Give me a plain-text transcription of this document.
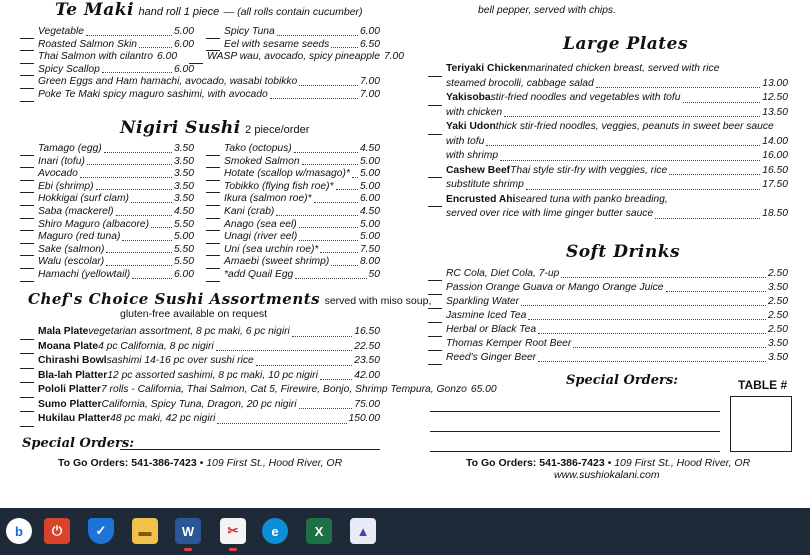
Te Maki hand roll 1 piece — (all rolls contain cucumber)
Vegetable	5.00	Spicy Tuna	6.00
Roasted Salmon Skin	6.00	Eel with sesame seeds	6.50
Thai Salmon with cilantro 6.00	WASP wau, avocado, spicy pineapple 7.00
Spicy Scallop	6.00
Green Eggs and Ham hamachi, avocado, wasabi tobikko	7.00
Poke Te Maki spicy maguro sashimi, with avocado	7.00
Nigiri Sushi 2 piece/order
Tamago (egg)	3.50	Tako (octopus)	4.50
Inari (tofu)	3.50	Smoked Salmon	5.00
Avocado	3.50	Hotate (scallop w/masago)* 5.00
Ebi (shrimp)	3.50	Tobikko (flying fish roe)*	5.00
Hokkigai (surf clam)	3.50	Ikura (salmon roe)*	6.00
Saba (mackerel)	4.50	Kani (crab)	4.50
Shiro Maguro (albacore) 5.50	Anago (sea eel)	5.00
Maguro (red tuna)	5.00	Unagi (river eel)	5.00
Sake (salmon)	5.50	Uni (sea urchin roe)*	7.50
Walu (escolar)	5.50	Amaebi (sweet shrimp)	8.00
Hamachi (yellowtail)	6.00	*add Quail Egg	50
Chef's Choice Sushi Assortments served with miso soup,
gluten-free available on request
Mala Plate vegetarian assortment, 8 pc maki, 6 pc nigiri	16.50
Moana Plate 4 pc California, 8 pc nigiri	22.50
Chirashi Bowl sashimi 14-16 pc over sushi rice	23.50
Bla-lah Platter 12 pc assorted sashimi, 8 pc maki, 10 pc nigiri	42.00
Pololi Platter 7 rolls - California, Thai Salmon, Cat 5, Firewire, Bonjo, Shrimp Tempura, Gonzo 65.00
Sumo Platter California, Spicy Tuna, Dragon, 20 pc nigiri	75.00
Hukilau Platter 48 pc maki, 42 pc nigiri	150.00
Special Orders:
To Go Orders: 541-386-7423 • 109 First St., Hood River, OR
bell pepper, served with chips.
Large Plates
Teriyaki Chicken marinated chicken breast, served with rice
steamed brocolli, cabbage salad	13.00
Yakisoba stir-fried noodles and vegetables with tofu	12.50
with chicken	13.50
Yaki Udon thick stir-fried noodles, veggies, peanuts in sweet beer sauce
with tofu	14.00
with shrimp	16.00
Cashew Beef Thai style stir-fry with veggies, rice	16.50
substitute shrimp	17.50
Encrusted Ahi seared tuna with panko breading,
served over rice with lime ginger butter sauce	18.50
Soft Drinks
RC Cola, Diet Cola, 7-up	2.50
Passion Orange Guava or Mango Orange Juice	3.50
Sparkling Water	2.50
Jasmine Iced Tea	2.50
Herbal or Black Tea	2.50
Thomas Kemper Root Beer	3.50
Reed's Ginger Beer	3.50
Special Orders:	TABLE #
To Go Orders: 541-386-7423 • 109 First St., Hood River, OR
www.sushiokalani.com
b	⏻	✓	▬	W	✂	e	X	▲
